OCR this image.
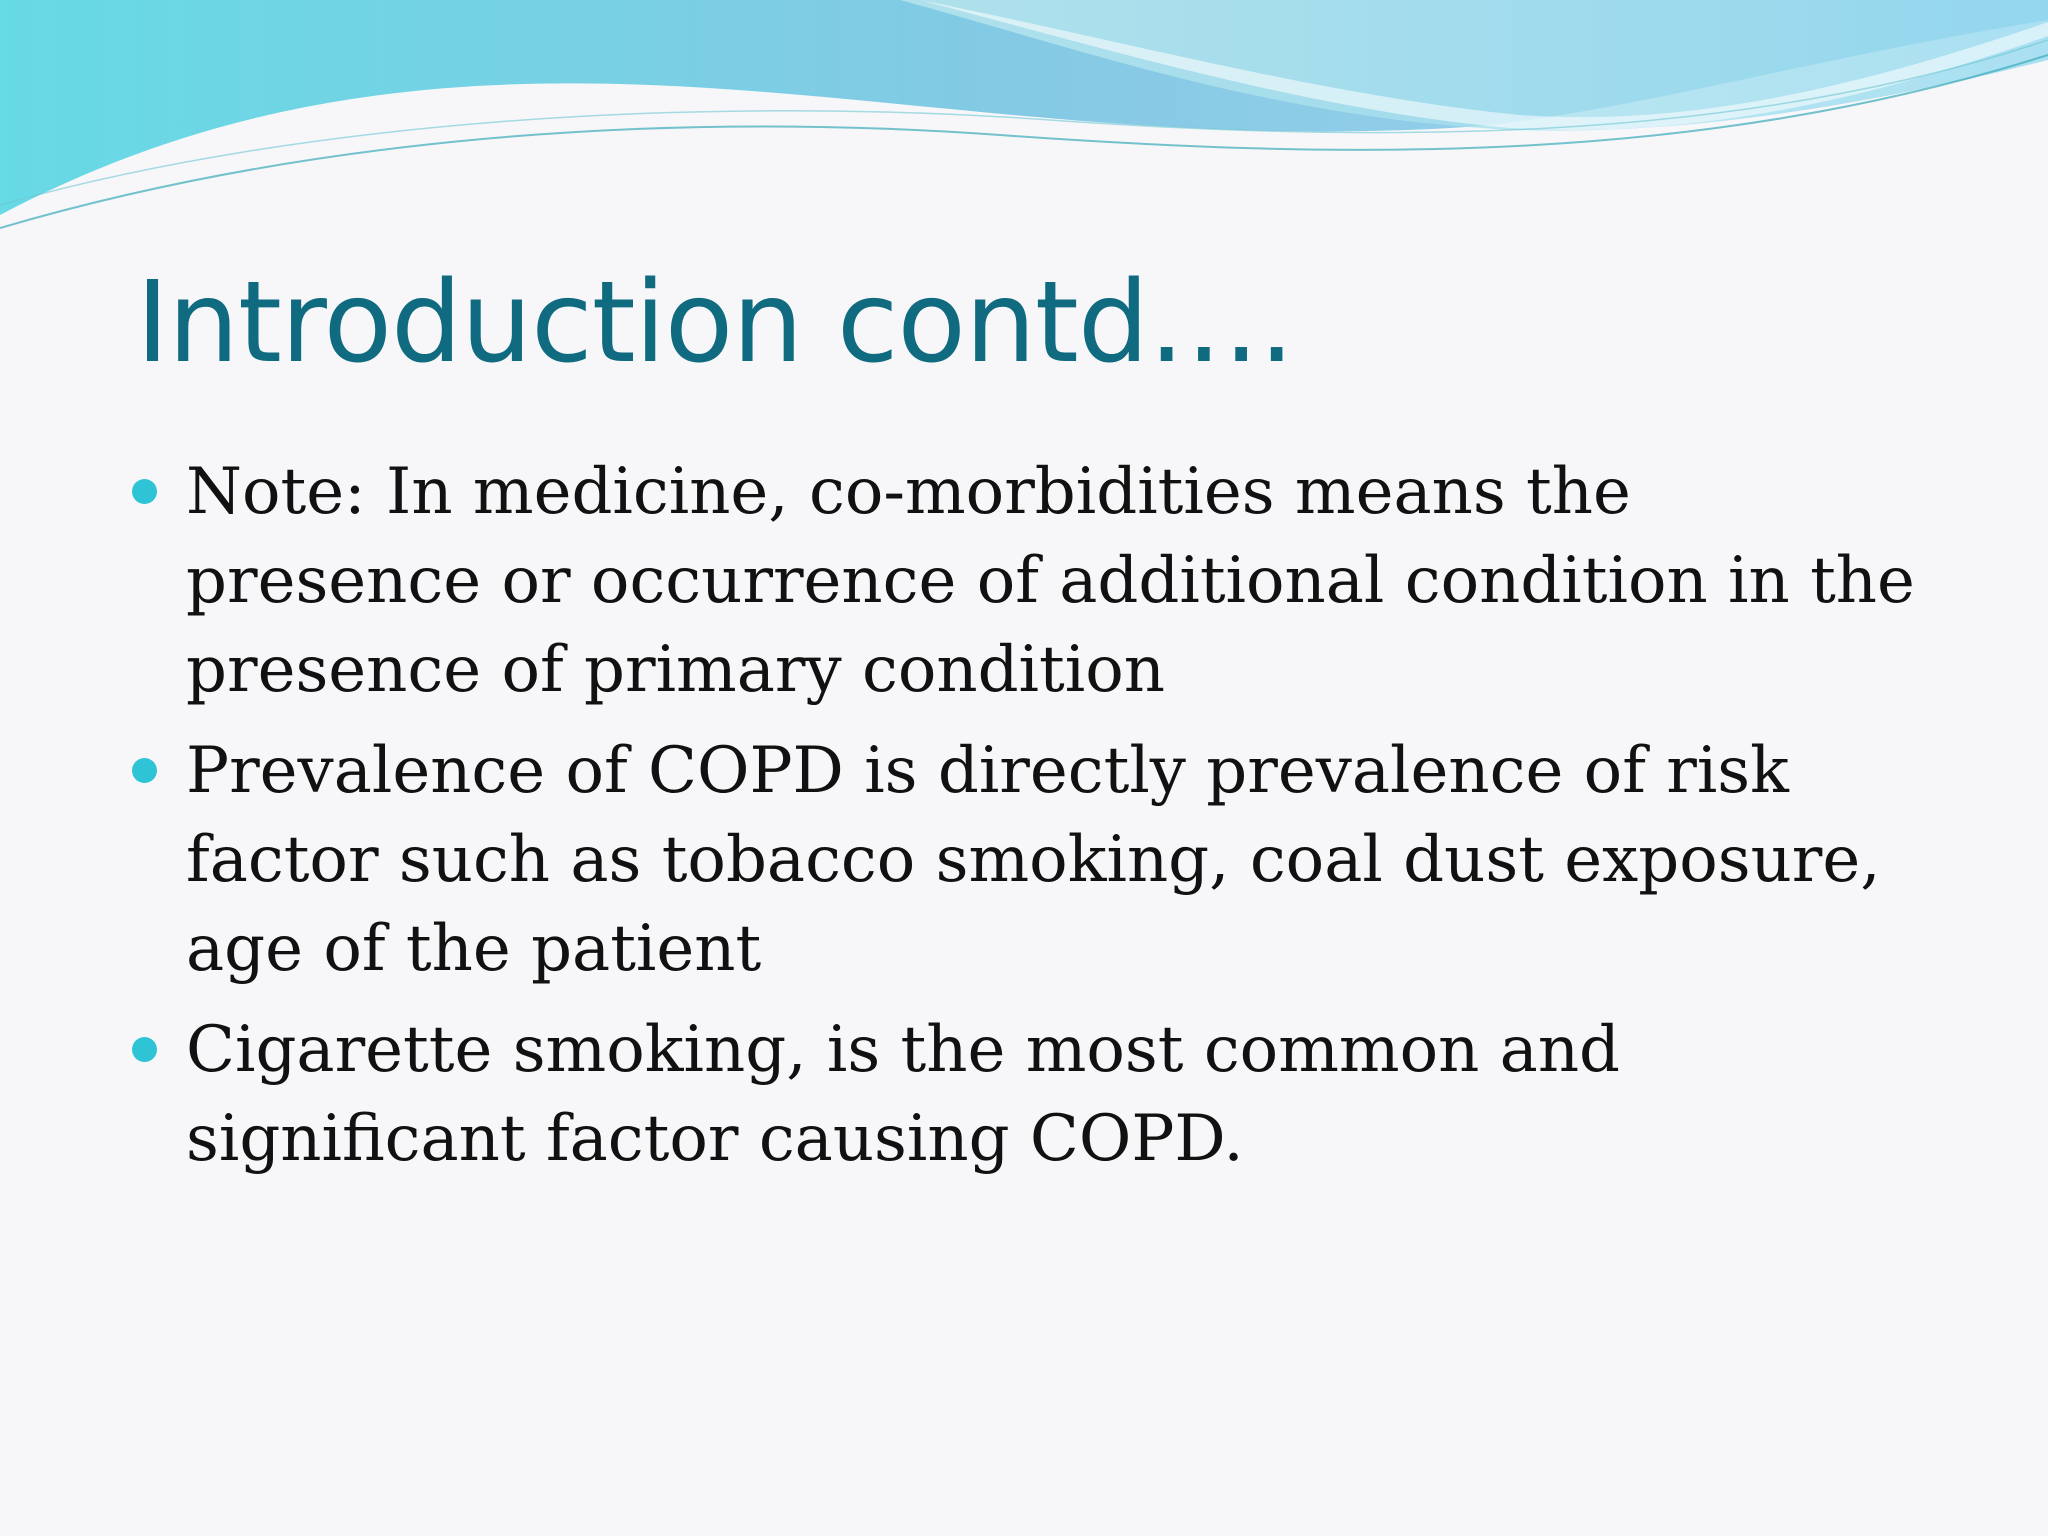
Introduction contd….
Note: In medicine, co-morbidities means the presence or occurrence of additional condition in the presence of primary condition
Prevalence of COPD is directly prevalence of risk factor such as tobacco smoking, coal dust exposure, age of the patient
Cigarette smoking, is the most common and significant factor causing COPD.
